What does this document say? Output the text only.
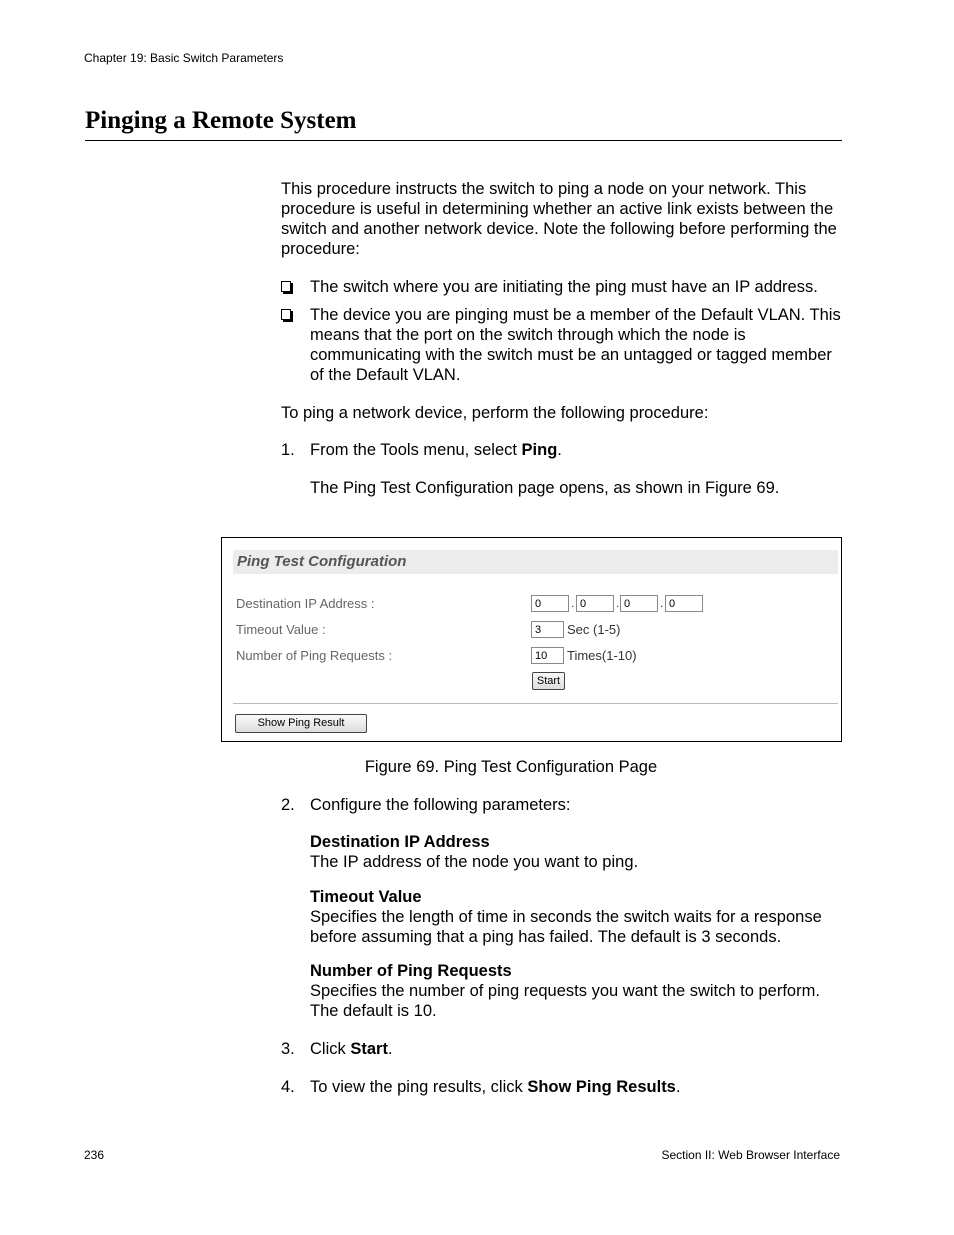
Chapter 19: Basic Switch Parameters
Pinging a Remote System
This procedure instructs the switch to ping a node on your network. This procedure is useful in determining whether an active link exists between the switch and another network device. Note the following before performing the procedure:
The switch where you are initiating the ping must have an IP address.
The device you are pinging must be a member of the Default VLAN. This means that the port on the switch through which the node is communicating with the switch must be an untagged or tagged member of the Default VLAN.
To ping a network device, perform the following procedure:
1. From the Tools menu, select Ping.
The Ping Test Configuration page opens, as shown in Figure 69.
Ping Test Configuration
Destination IP Address :	0	. 0	. 0	. 0
Timeout Value :	3	Sec (1-5)
Number of Ping Requests :	10	Times(1-10)
Start
Show Ping Result
Figure 69. Ping Test Configuration Page
2. Configure the following parameters:
Destination IP Address
The IP address of the node you want to ping.
Timeout Value
Specifies the length of time in seconds the switch waits for a response before assuming that a ping has failed. The default is 3 seconds.
Number of Ping Requests
Specifies the number of ping requests you want the switch to perform. The default is 10.
3. Click Start.
4. To view the ping results, click Show Ping Results.
236	Section II: Web Browser Interface
